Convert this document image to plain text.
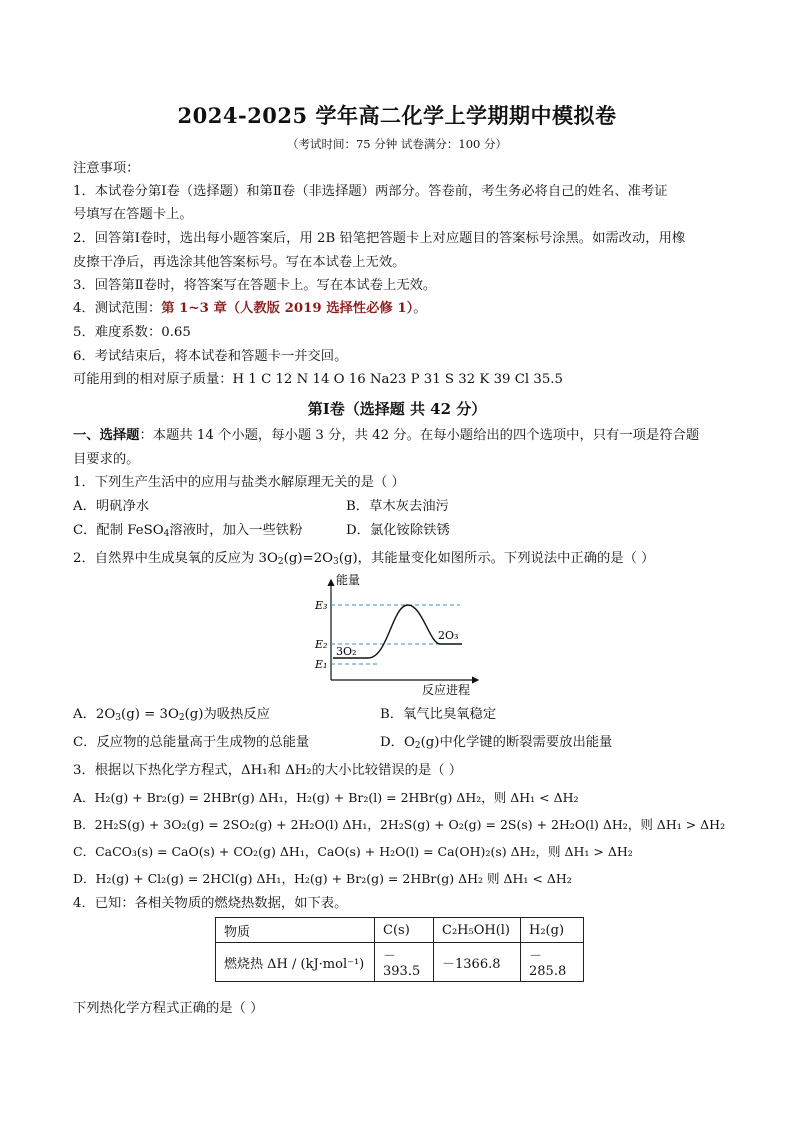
2024-2025 学年高二化学上学期期中模拟卷
（考试时间：75 分钟 试卷满分：100 分）
注意事项：
1．本试卷分第Ⅰ卷（选择题）和第Ⅱ卷（非选择题）两部分。答卷前，考生务必将自己的姓名、准考证
号填写在答题卡上。
2．回答第Ⅰ卷时，选出每小题答案后，用 2B 铅笔把答题卡上对应题目的答案标号涂黑。如需改动，用橡
皮擦干净后，再选涂其他答案标号。写在本试卷上无效。
3．回答第Ⅱ卷时，将答案写在答题卡上。写在本试卷上无效。
4．测试范围：第 1~3 章（人教版 2019 选择性必修 1）。
5．难度系数：0.65
6．考试结束后，将本试卷和答题卡一并交回。
可能用到的相对原子质量：H 1 C 12 N 14 O 16 Na23 P 31 S 32 K 39 Cl 35.5
第Ⅰ卷（选择题 共 42 分）
一、选择题：本题共 14 个小题，每小题 3 分，共 42 分。在每小题给出的四个选项中，只有一项是符合题
目要求的。
1．下列生产生活中的应用与盐类水解原理无关的是（ ）
A．明矾净水	B．草木灰去油污
C．配制 FeSO$_4$溶液时，加入一些铁粉	D．氯化铵除铁锈
2．自然界中生成臭氧的反应为 $3O_2(g)=2O_3(g)$，其能量变化如图所示。下列说法中正确的是（ ）
能量
E₃
E₂
E₁
3O₂
2O₃
反应进程
A．$2O_3(g) = 3O_2(g)$为吸热反应	B．氧气比臭氧稳定
C．反应物的总能量高于生成物的总能量	D．$O_2(g)$中化学键的断裂需要放出能量
3．根据以下热化学方程式，ΔH₁和 ΔH₂的大小比较错误的是（ ）
A．H₂(g) + Br₂(g) = 2HBr(g) ΔH₁，H₂(g) + Br₂(l) = 2HBr(g) ΔH₂，则 ΔH₁ < ΔH₂
B．2H₂S(g) + 3O₂(g) = 2SO₂(g) + 2H₂O(l) ΔH₁，2H₂S(g) + O₂(g) = 2S(s) + 2H₂O(l) ΔH₂，则 ΔH₁ > ΔH₂
C．CaCO₃(s) = CaO(s) + CO₂(g) ΔH₁，CaO(s) + H₂O(l) = Ca(OH)₂(s) ΔH₂，则 ΔH₁ > ΔH₂
D．H₂(g) + Cl₂(g) = 2HCl(g) ΔH₁，H₂(g) + Br₂(g) = 2HBr(g) ΔH₂ 则 ΔH₁ < ΔH₂
4．已知：各相关物质的燃烧热数据，如下表。
物质	C(s)	C₂H₅OH(l)	H₂(g)
燃烧热 ΔH / (kJ·mol⁻¹)	－393.5	－1366.8	－285.8
下列热化学方程式正确的是（ ）
